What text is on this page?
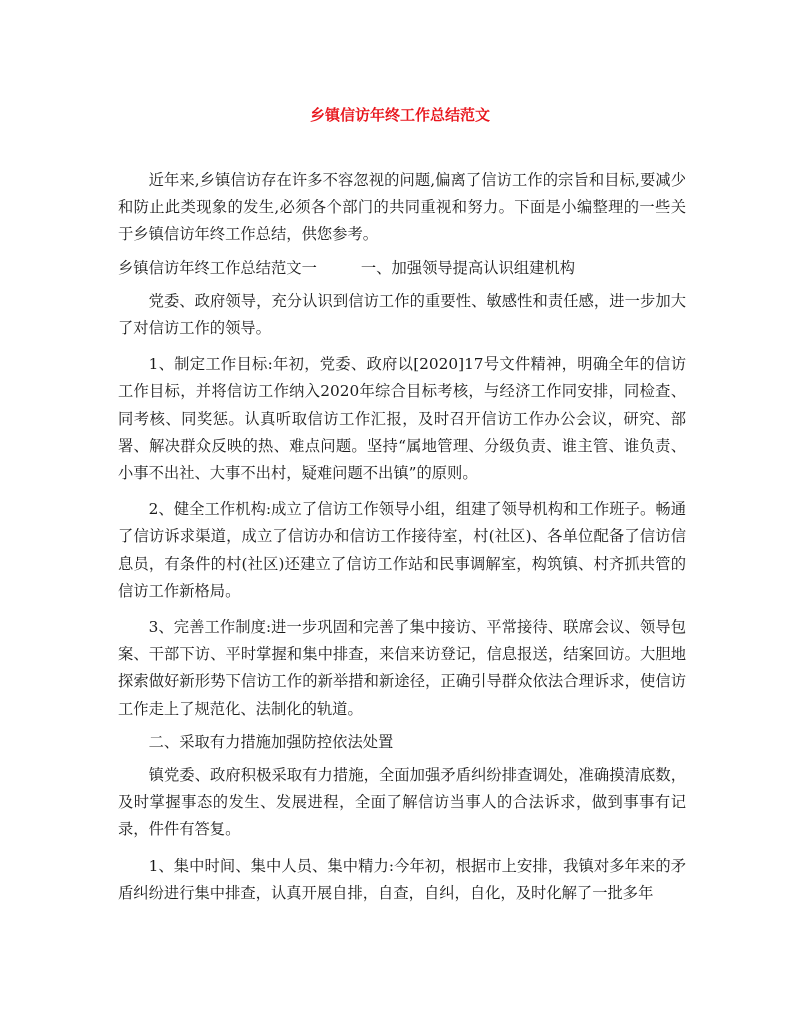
乡镇信访年终工作总结范文

近年来,乡镇信访存在许多不容忽视的问题,偏离了信访工作的宗旨和目标,要减少和防止此类现象的发生,必须各个部门的共同重视和努力。下面是小编整理的一些关于乡镇信访年终工作总结，供您参考。

乡镇信访年终工作总结范文一	一、加强领导提高认识组建机构

党委、政府领导，充分认识到信访工作的重要性、敏感性和责任感，进一步加大了对信访工作的领导。

1、制定工作目标:年初，党委、政府以[2020]17号文件精神，明确全年的信访工作目标，并将信访工作纳入2020年综合目标考核，与经济工作同安排，同检查、同考核、同奖惩。认真听取信访工作汇报，及时召开信访工作办公会议，研究、部署、解决群众反映的热、难点问题。坚持“属地管理、分级负责、谁主管、谁负责、小事不出社、大事不出村，疑难问题不出镇”的原则。

2、健全工作机构:成立了信访工作领导小组，组建了领导机构和工作班子。畅通了信访诉求渠道，成立了信访办和信访工作接待室，村(社区)、各单位配备了信访信息员，有条件的村(社区)还建立了信访工作站和民事调解室，构筑镇、村齐抓共管的信访工作新格局。

3、完善工作制度:进一步巩固和完善了集中接访、平常接待、联席会议、领导包案、干部下访、平时掌握和集中排查，来信来访登记，信息报送，结案回访。大胆地探索做好新形势下信访工作的新举措和新途径，正确引导群众依法合理诉求，使信访工作走上了规范化、法制化的轨道。

二、采取有力措施加强防控依法处置

镇党委、政府积极采取有力措施，全面加强矛盾纠纷排查调处，准确摸清底数，及时掌握事态的发生、发展进程，全面了解信访当事人的合法诉求，做到事事有记录，件件有答复。

1、集中时间、集中人员、集中精力:今年初，根据市上安排，我镇对多年来的矛盾纠纷进行集中排查，认真开展自排，自查，自纠，自化，及时化解了一批多年
